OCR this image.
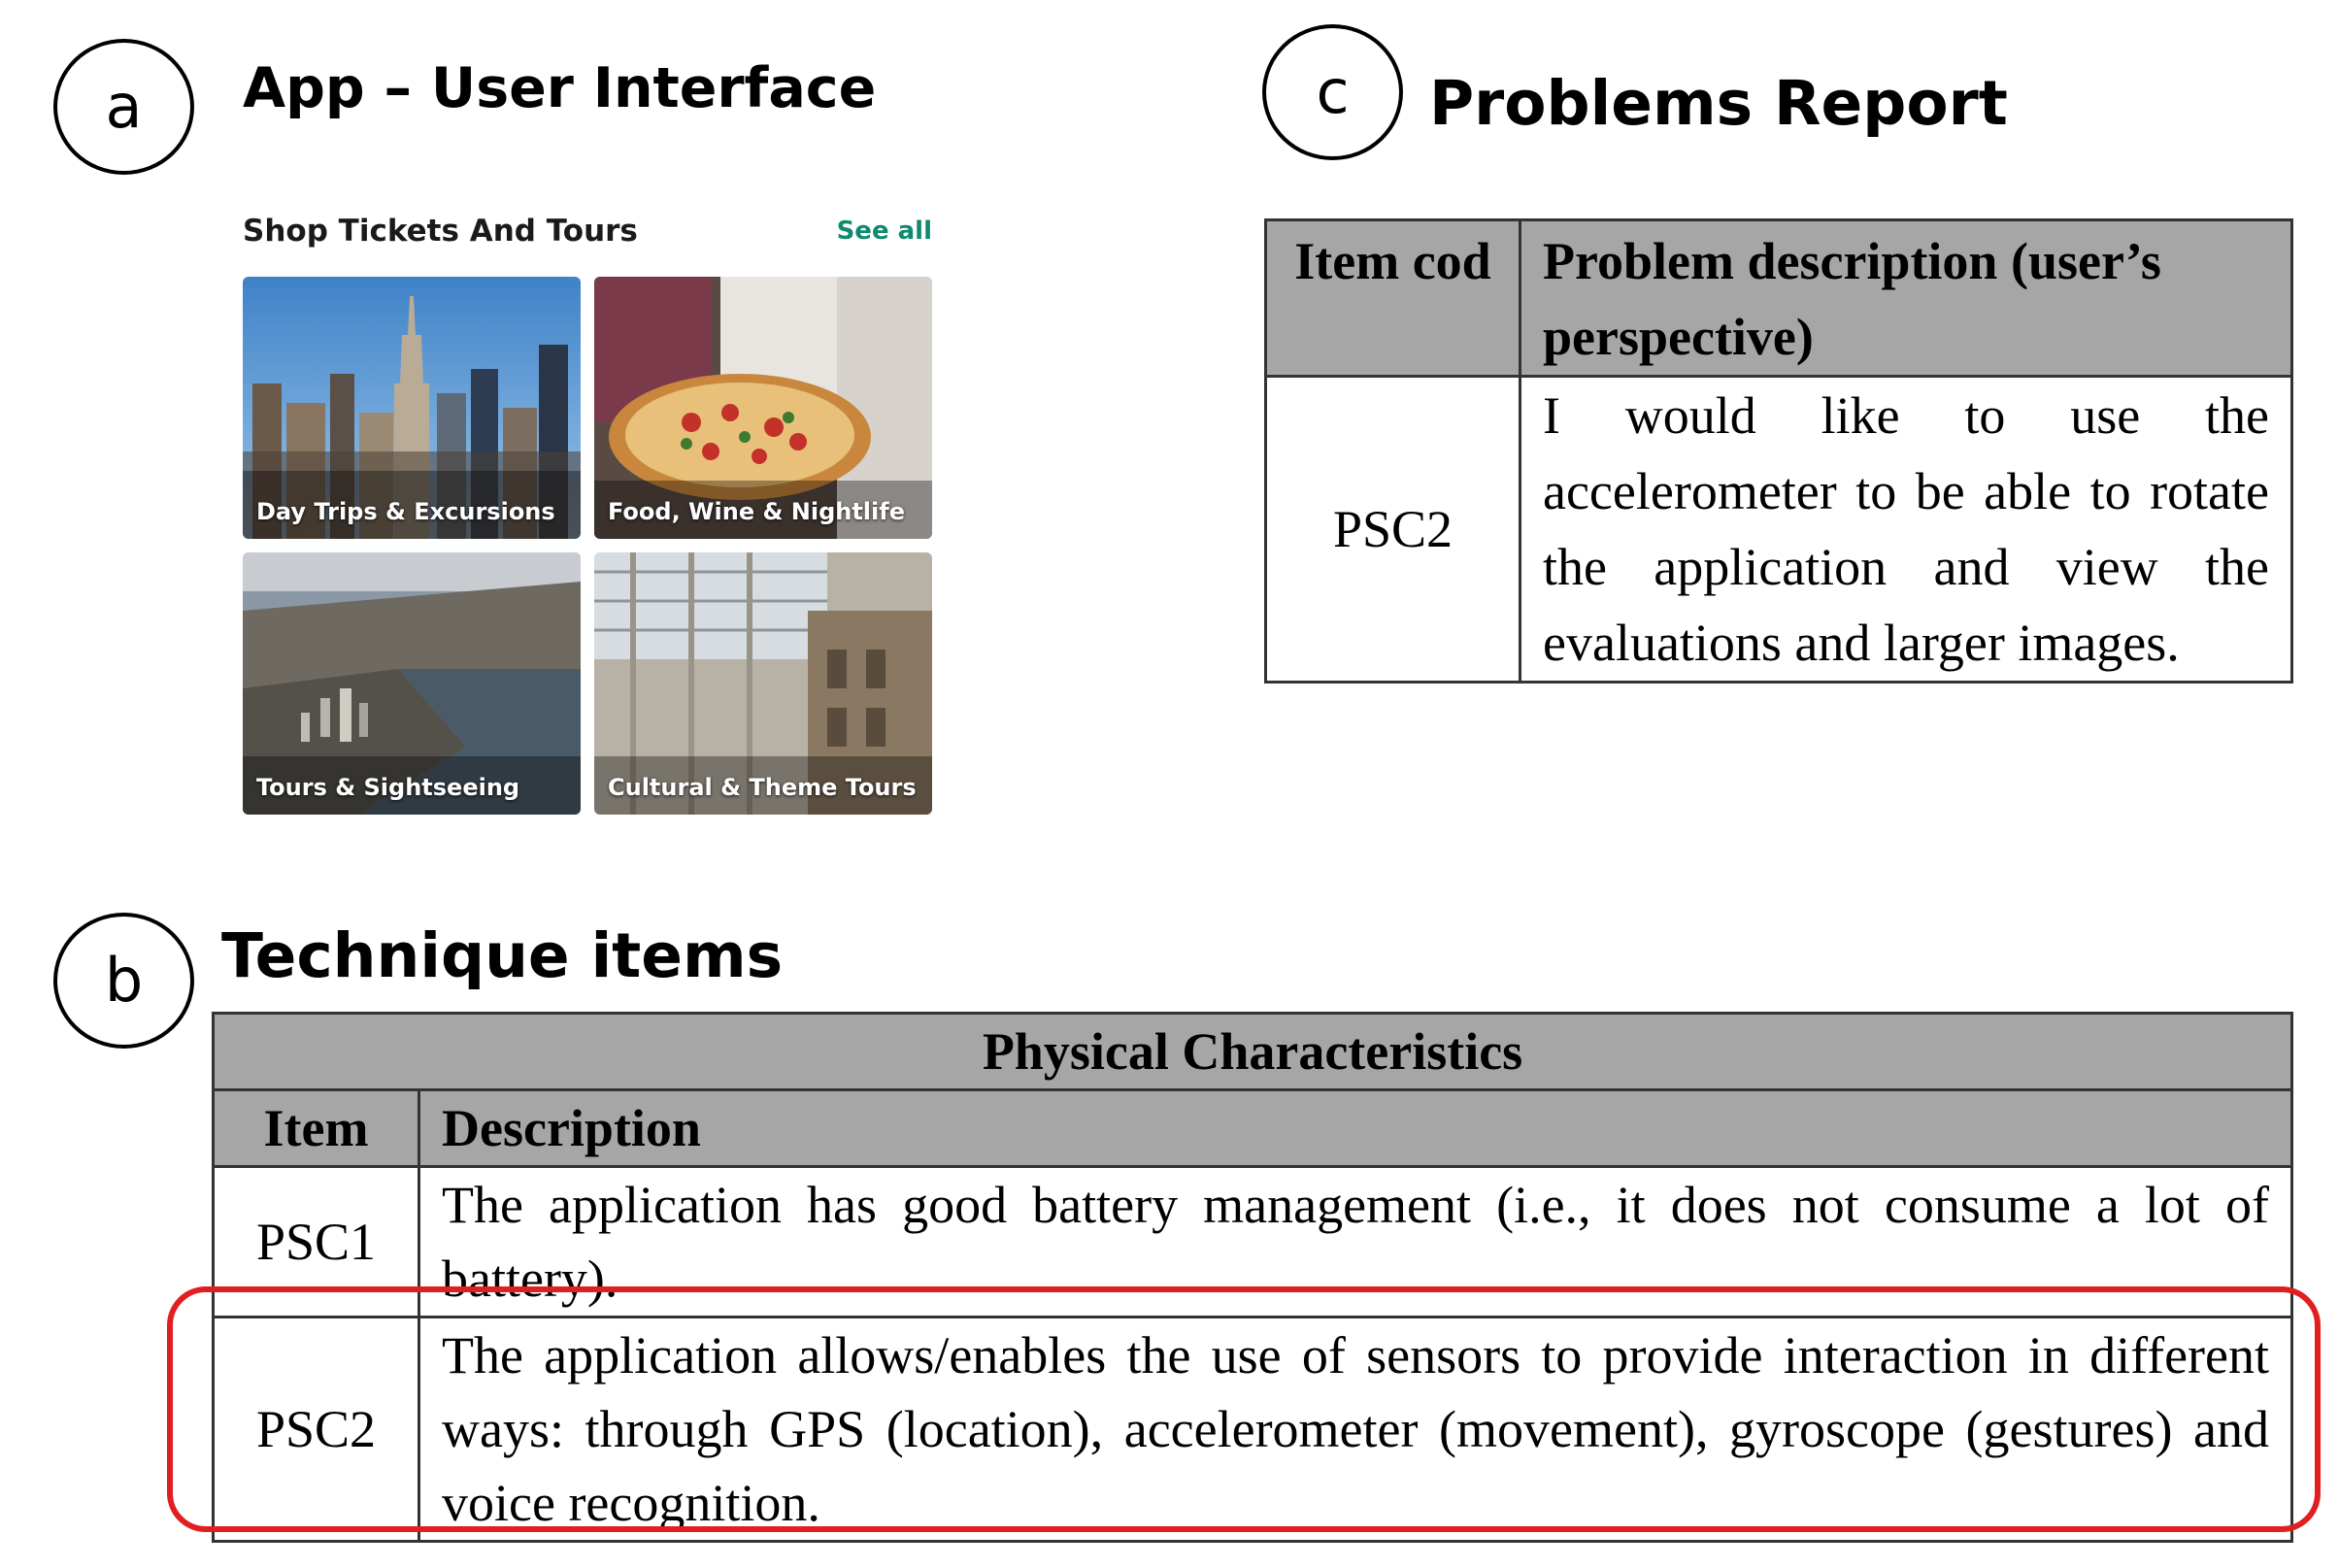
a App – User Interface
Shop Tickets And Tours	See all
Day Trips & Excursions Food, Wine & Nightlife
Tours & Sightseeing	Cultural & Theme Tours
c Problems Report
Item cod	Problem description (user’s perspective)
PSC2	I would like to use the accelerometer to be able to rotate the application and view the evaluations and larger images.
b Technique items
Physical Characteristics	
Item	Description
PSC1	The application has good battery management (i.e., it does not consume a lot of battery).
PSC2	The application allows/enables the use of sensors to provide interaction in different ways: through GPS (location), accelerometer (movement), gyroscope (gestures) and voice recognition.
